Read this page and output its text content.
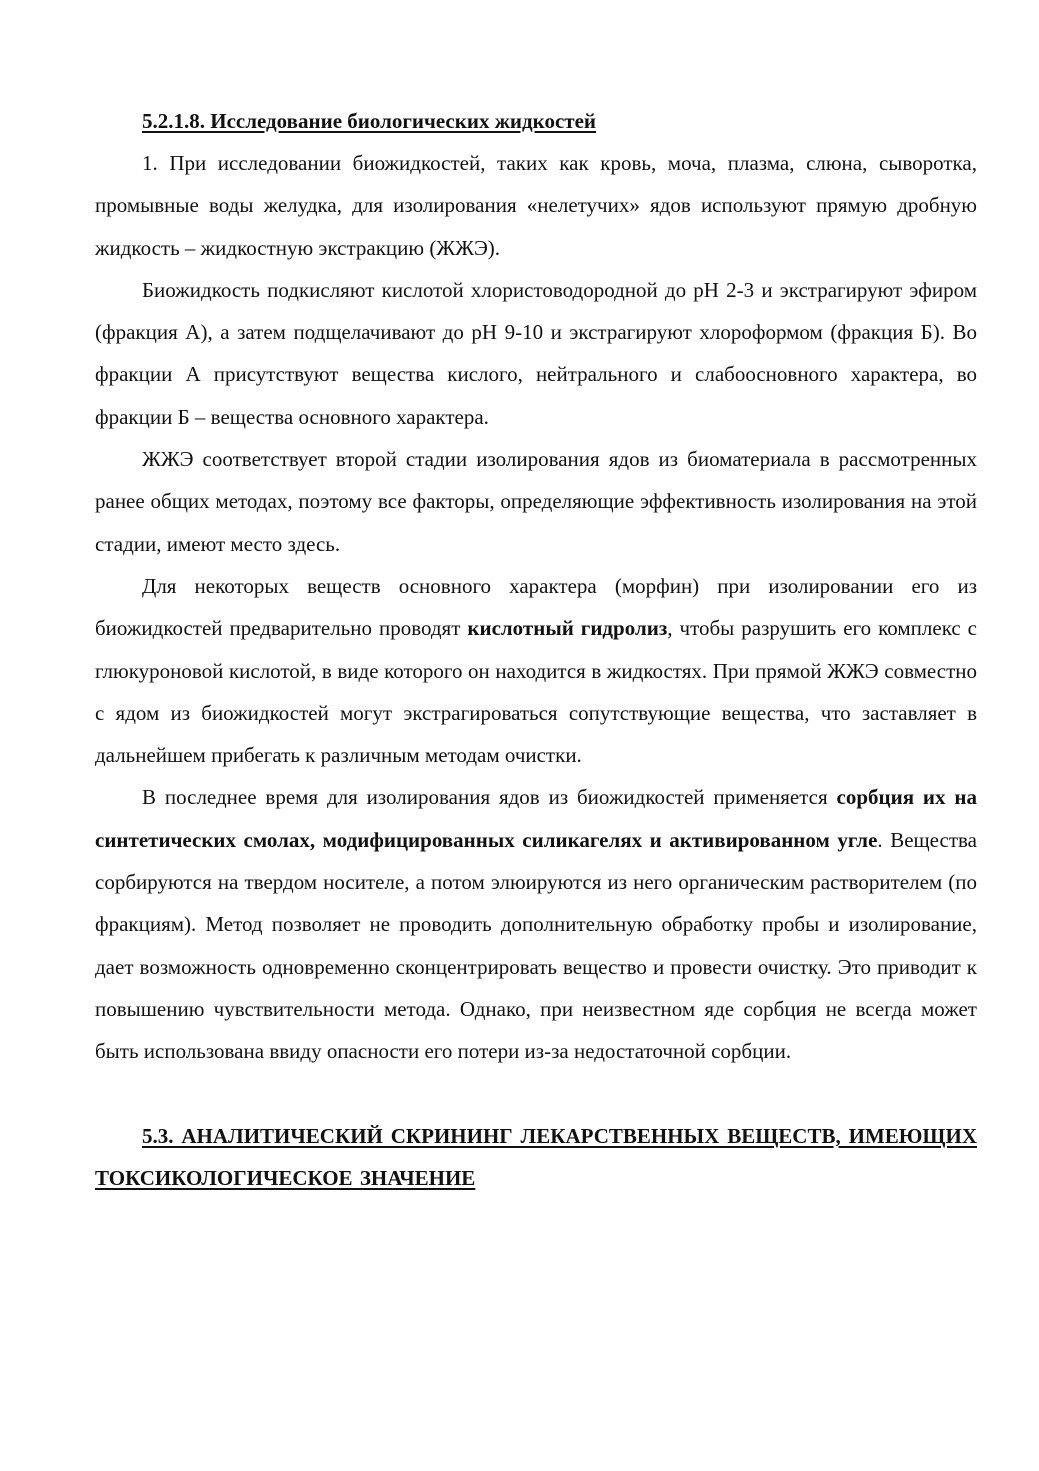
5.2.1.8. Исследование биологических жидкостей

1. При исследовании биожидкостей, таких как кровь, моча, плазма, слюна, сыворотка, промывные воды желудка, для изолирования «нелетучих» ядов используют прямую дробную жидкость – жидкостную экстракцию (ЖЖЭ).

Биожидкость подкисляют кислотой хлористоводородной до рН 2-3 и экстрагируют эфиром (фракция А), а затем подщелачивают до рН 9-10 и экстрагируют хлороформом (фракция Б). Во фракции А присутствуют вещества кислого, нейтрального и слабоосновного характера, во фракции Б – вещества основного характера.

ЖЖЭ соответствует второй стадии изолирования ядов из биоматериала в рассмотренных ранее общих методах, поэтому все факторы, определяющие эффективность изолирования на этой стадии, имеют место здесь.

Для некоторых веществ основного характера (морфин) при изолировании его из биожидкостей предварительно проводят кислотный гидролиз, чтобы разрушить его комплекс с глюкуроновой кислотой, в виде которого он находится в жидкостях. При прямой ЖЖЭ совместно с ядом из биожидкостей могут экстрагироваться сопутствующие вещества, что заставляет в дальнейшем прибегать к различным методам очистки.

В последнее время для изолирования ядов из биожидкостей применяется сорбция их на синтетических смолах, модифицированных силикагелях и активированном угле. Вещества сорбируются на твердом носителе, а потом элюируются из него органическим растворителем (по фракциям). Метод позволяет не проводить дополнительную обработку пробы и изолирование, дает возможность одновременно сконцентрировать вещество и провести очистку. Это приводит к повышению чувствительности метода. Однако, при неизвестном яде сорбция не всегда может быть использована ввиду опасности его потери из-за недостаточной сорбции.

5.3. АНАЛИТИЧЕСКИЙ СКРИНИНГ ЛЕКАРСТВЕННЫХ ВЕЩЕСТВ, ИМЕЮЩИХ ТОКСИКОЛОГИЧЕСКОЕ ЗНАЧЕНИЕ
